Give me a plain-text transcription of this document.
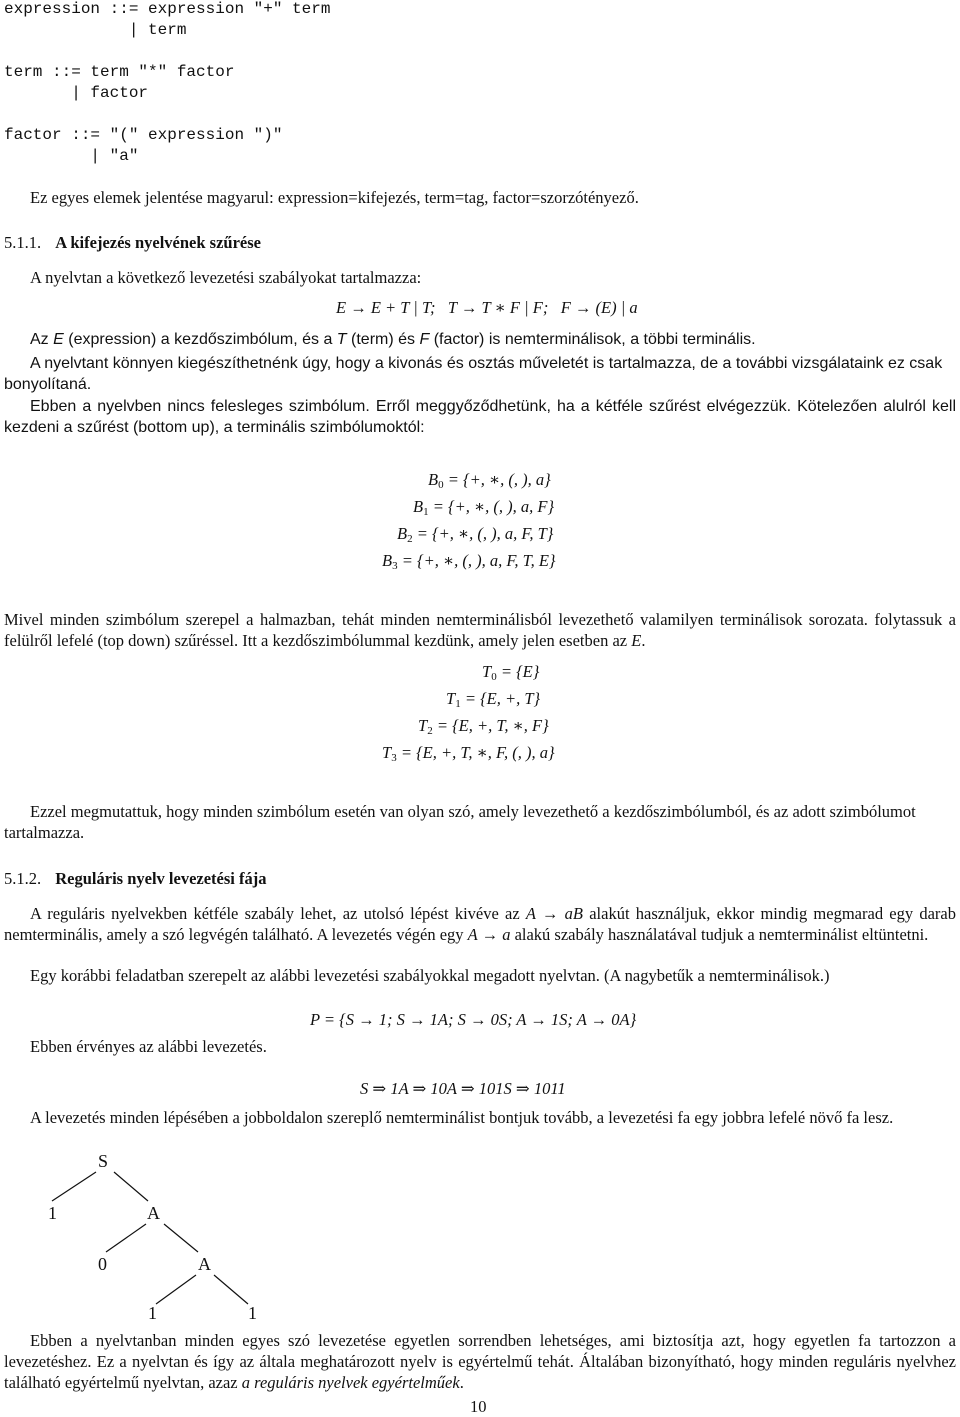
expression ::= expression "+" term
| term
term ::= term "*" factor
| factor
factor ::= "(" expression ")"
| "a"
Ez egyes elemek jelentése magyarul: expression=kifejezés, term=tag, factor=szorzótényező.
5.1.1. A kifejezés nyelvének szűrése
A nyelvtan a következő levezetési szabályokat tartalmazza:
E → E + T | T;   T → T ∗ F | F;   F → (E) | a
Az E (expression) a kezdőszimbólum, és a T (term) és F (factor) is nemterminálisok, a többi terminális.
A nyelvtant könnyen kiegészíthetnénk úgy, hogy a kivonás és osztás műveletét is tartalmazza, de a további vizsgálataink ez csak bonyolítaná.
Ebben a nyelvben nincs felesleges szimbólum. Erről meggyőződhetünk, ha a kétféle szűrést elvégezzük. Kötelezően alulról kell kezdeni a szűrést (bottom up), a terminális szimbólumoktól:
$B_0$ = {+, ∗, (, ), a}
$B_1$ = {+, ∗, (, ), a, F}
$B_2$ = {+, ∗, (, ), a, F, T}
$B_3$ = {+, ∗, (, ), a, F, T, E}
Mivel minden szimbólum szerepel a halmazban, tehát minden nemterminálisból levezethető valamilyen terminálisok sorozata. folytassuk a felülről lefelé (top down) szűréssel. Itt a kezdőszimbólummal kezdünk, amely jelen esetben az E.
$T_0 = \{E\}$
$T_1 = \{E$, +, T}
$T_2 = \{E$, +, T, ∗, F}
$T_3 = \{E$, +, T, ∗, F, (, ), a}
Ezzel megmutattuk, hogy minden szimbólum esetén van olyan szó, amely levezethető a kezdőszimbólumból, és az adott szimbólumot tartalmazza.
5.1.2. Reguláris nyelv levezetési fája
A reguláris nyelvekben kétféle szabály lehet, az utolsó lépést kivéve az A → aB alakút használjuk, ekkor mindig megmarad egy darab nemterminális, amely a szó legvégén található. A levezetés végén egy A → a alakú szabály használatával tudjuk a nemterminálist eltüntetni.
Egy korábbi feladatban szerepelt az alábbi levezetési szabályokkal megadott nyelvtan. (A nagybetűk a nemterminálisok.)
P = {S → 1; S → 1A; S → 0S; A → 1S; A → 0A}
Ebben érvényes az alábbi levezetés.
S ⇒ 1A ⇒ 10A ⇒ 101S ⇒ 1011
A levezetés minden lépésében a jobboldalon szereplő nemterminálist bontjuk tovább, a levezetési fa egy jobbra lefelé növő fa lesz.
S
1	A
0	A
1	1
Ebben a nyelvtanban minden egyes szó levezetése egyetlen sorrendben lehetséges, ami biztosítja azt, hogy egyetlen fa tartozzon a levezetéshez. Ez a nyelvtan és így az általa meghatározott nyelv is egyértelmű tehát. Általában bizonyítható, hogy minden reguláris nyelvhez található egyértelmű nyelvtan, azaz a reguláris nyelvek egyértelműek.
10
